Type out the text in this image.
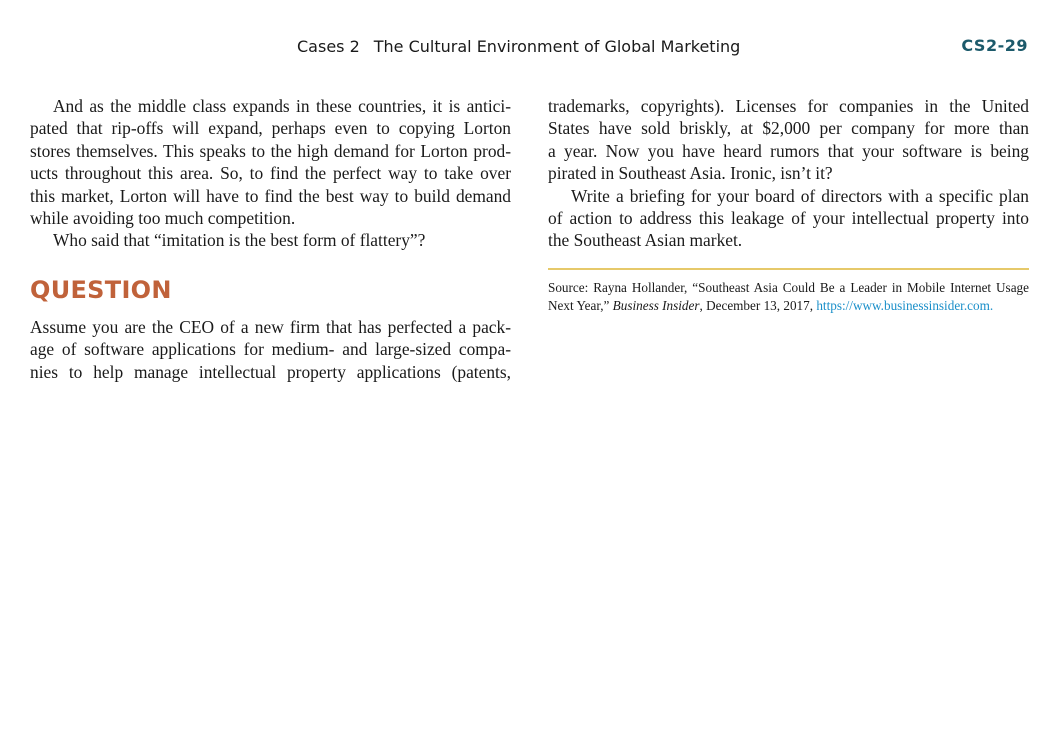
Cases 2 The Cultural Environment of Global Marketing	CS2-29

And as the middle class expands in these countries, it is antici-
pated that rip-offs will expand, perhaps even to copying Lorton
stores themselves. This speaks to the high demand for Lorton prod-
ucts throughout this area. So, to find the perfect way to take over
this market, Lorton will have to find the best way to build demand
while avoiding too much competition.

Who said that “imitation is the best form of flattery”?

QUESTION

Assume you are the CEO of a new firm that has perfected a pack-
age of software applications for medium- and large-sized compa-
nies to help manage intellectual property applications (patents,

trademarks, copyrights). Licenses for companies in the United
States have sold briskly, at $2,000 per company for more than
a year. Now you have heard rumors that your software is being
pirated in Southeast Asia. Ironic, isn’t it?

Write a briefing for your board of directors with a specific plan
of action to address this leakage of your intellectual property into
the Southeast Asian market.

Source: Rayna Hollander, “Southeast Asia Could Be a Leader in Mobile Internet Usage Next Year,” Business Insider, December 13, 2017, https://www.businessinsider.com.
